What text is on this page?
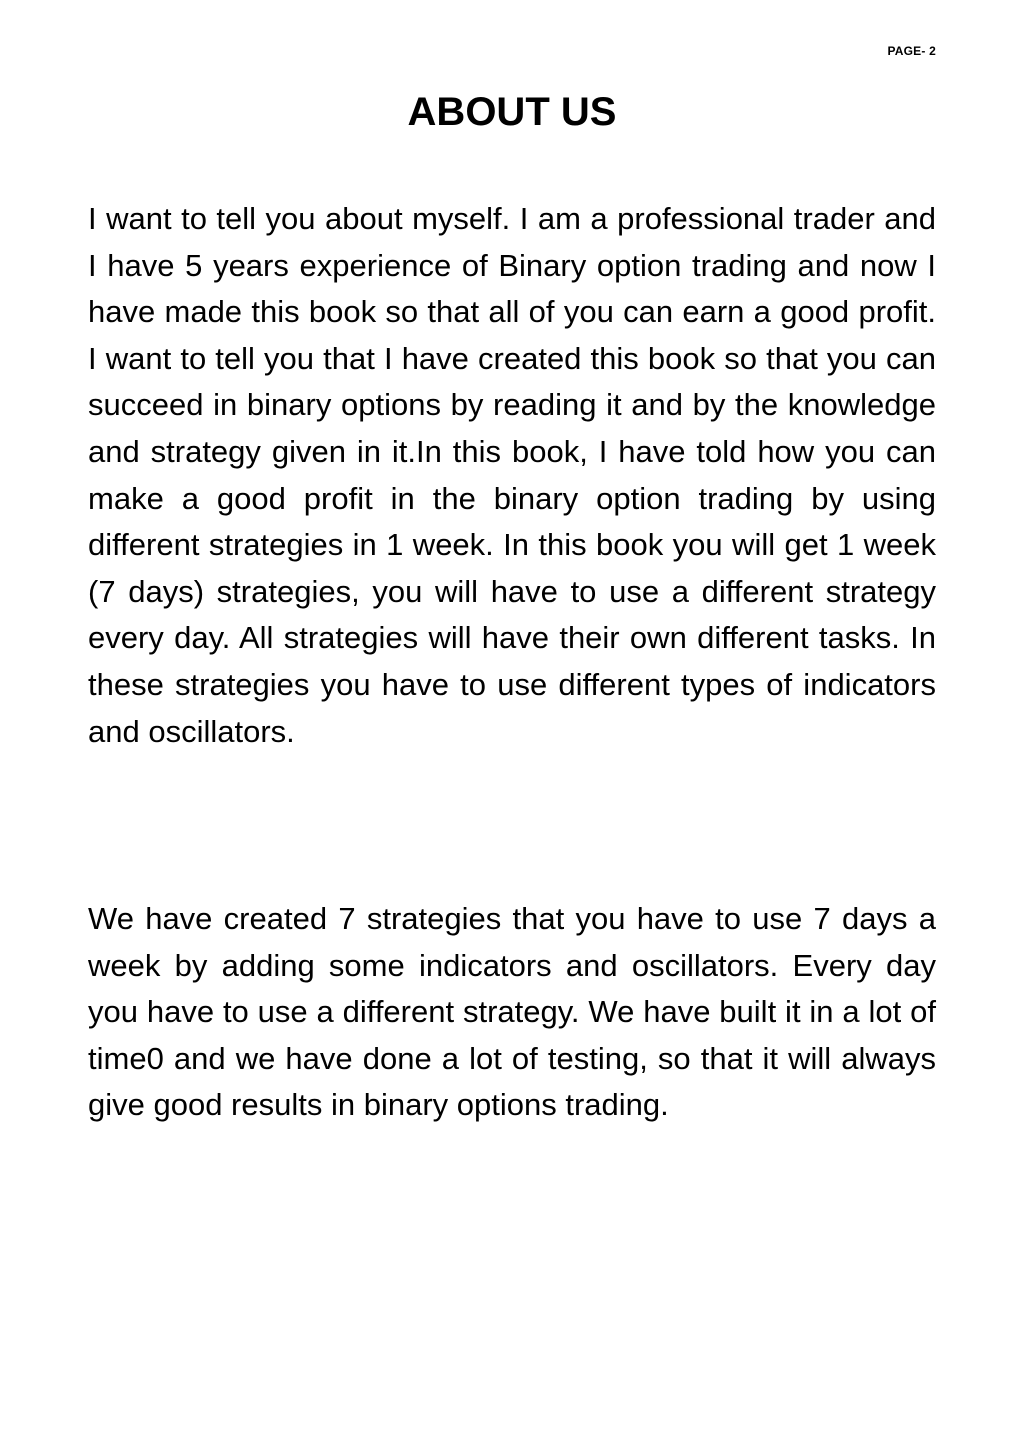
PAGE- 2
ABOUT US

I want to tell you about myself. I am a professional trader and I have 5 years experience of Binary option trading and now I have made this book so that all of you can earn a good profit. I want to tell you that I have created this book so that you can succeed in binary options by reading it and by the knowledge and strategy given in it.In this book, I have told how you can make a good profit in the binary option trading by using different strategies in 1 week. In this book you will get 1 week (7 days) strategies, you will have to use a different strategy every day. All strategies will have their own different tasks. In these strategies you have to use different types of indicators and oscillators.

We have created 7 strategies that you have to use 7 days a week by adding some indicators and oscillators. Every day you have to use a different strategy. We have built it in a lot of time0 and we have done a lot of testing, so that it will always give good results in binary options trading.
